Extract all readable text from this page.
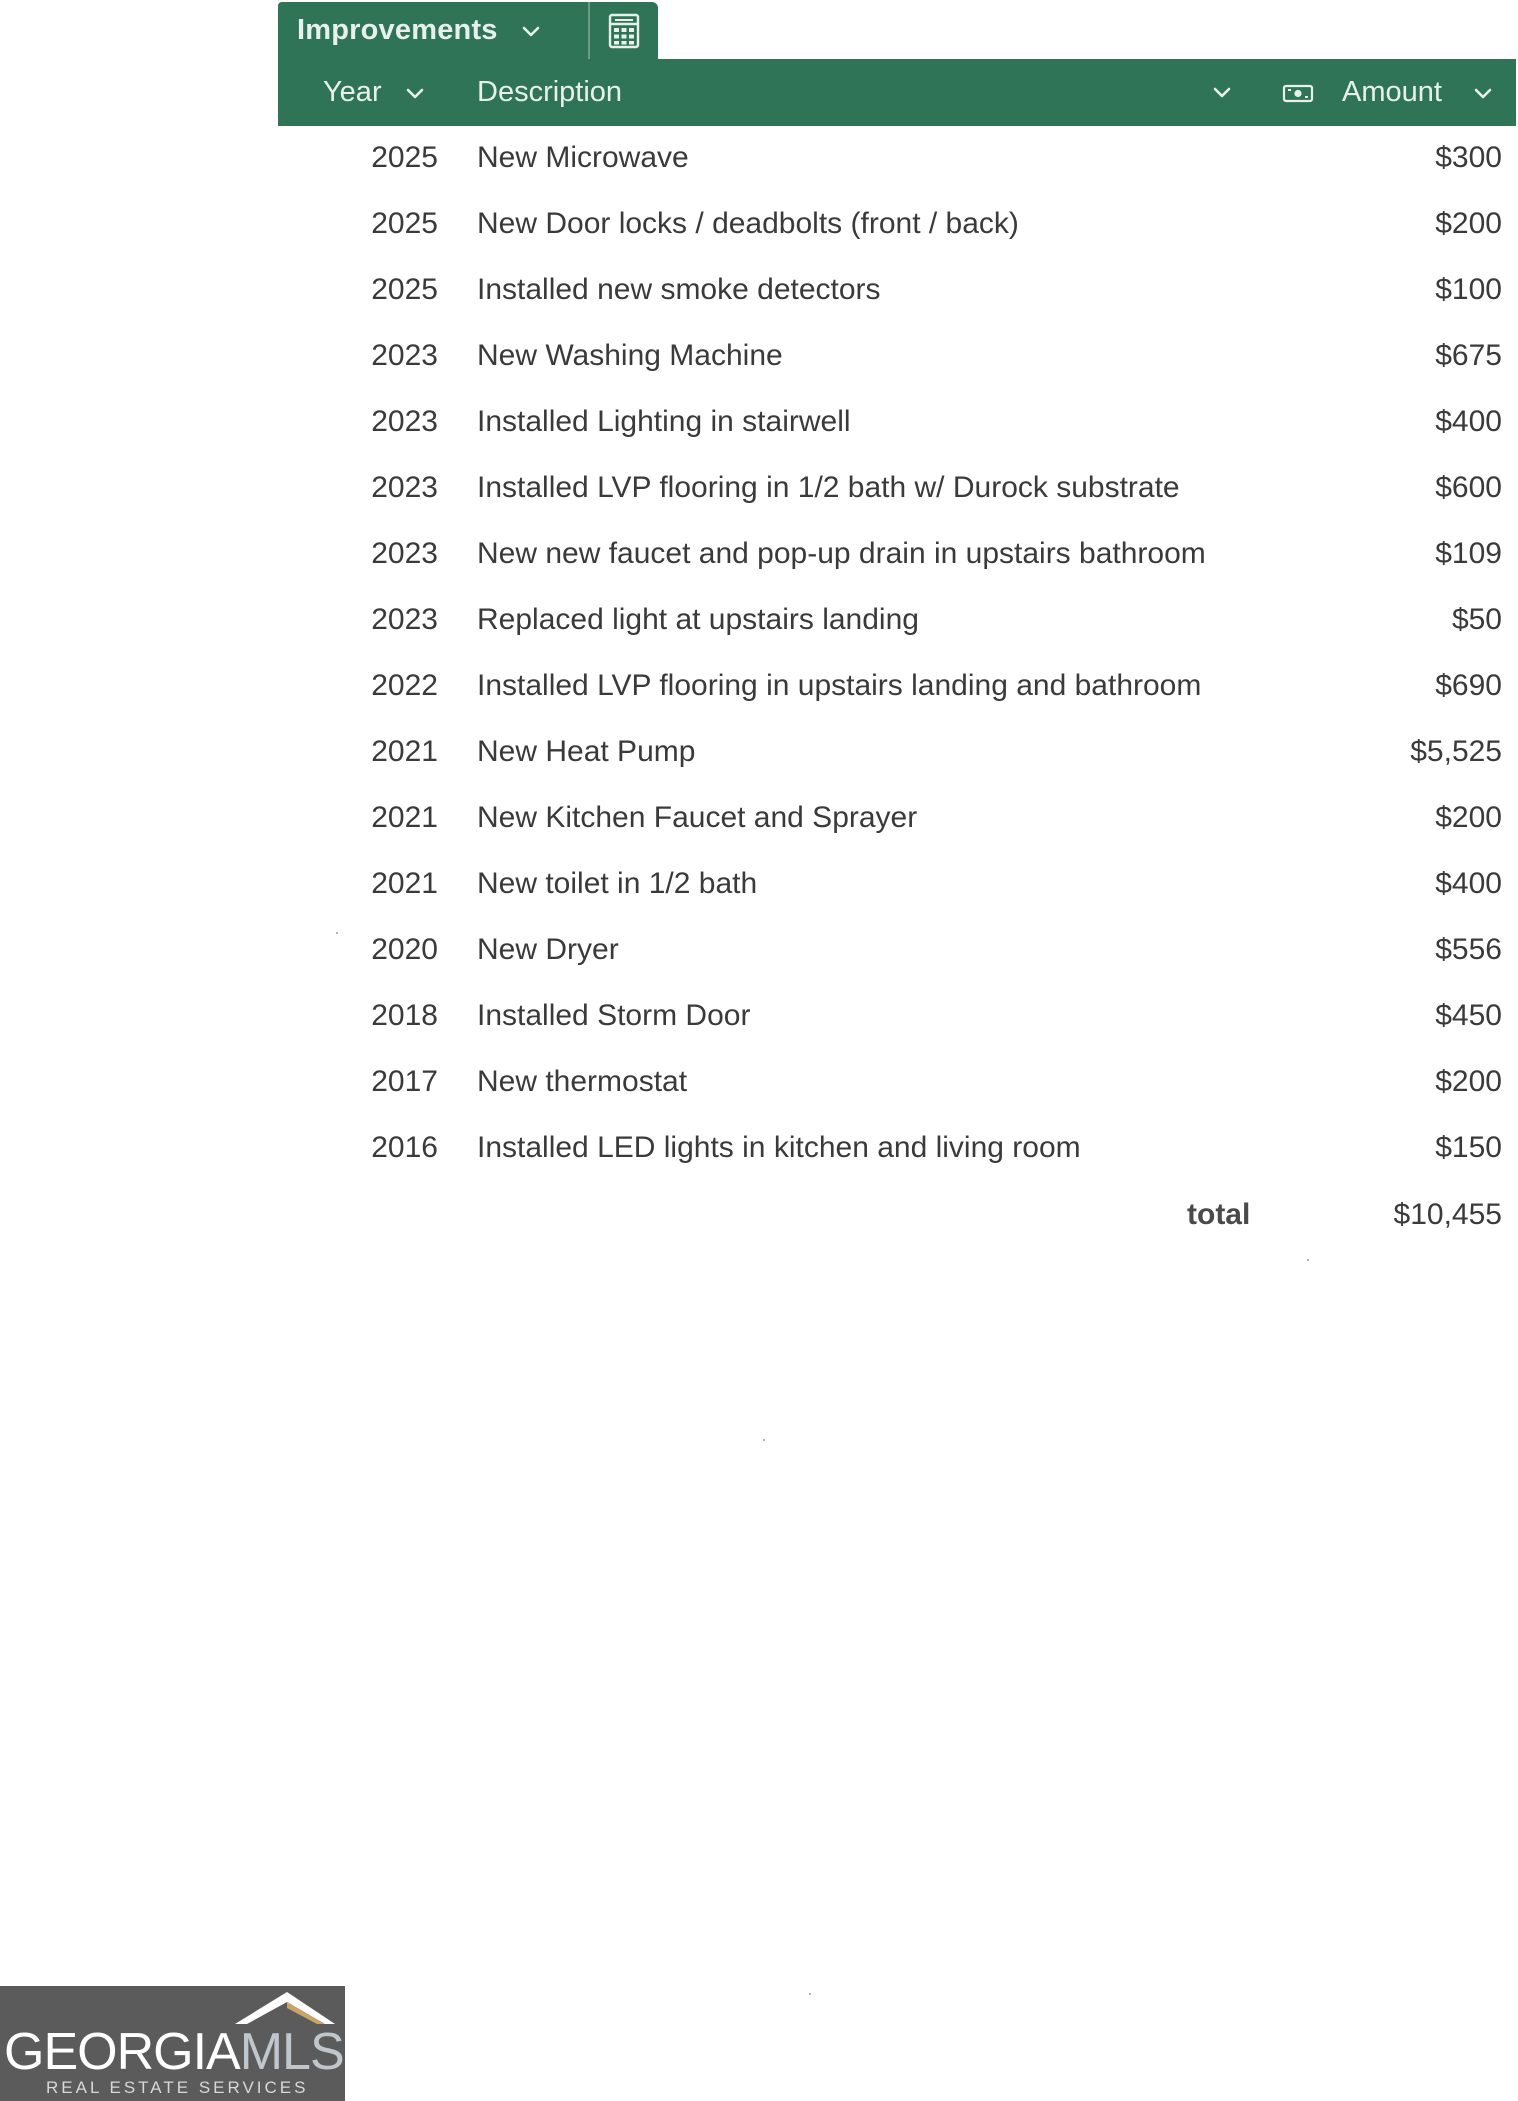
Improvements
Year	Description	Amount
2025 New Microwave	$300
2025 New Door locks / deadbolts (front / back)	$200
2025 Installed new smoke detectors	$100
2023 New Washing Machine	$675
2023 Installed Lighting in stairwell	$400
2023 Installed LVP flooring in 1/2 bath w/ Durock substrate	$600
2023 New new faucet and pop-up drain in upstairs bathroom	$109
2023 Replaced light at upstairs landing	$50
2022 Installed LVP flooring in upstairs landing and bathroom	$690
2021 New Heat Pump	$5,525
2021 New Kitchen Faucet and Sprayer	$200
2021 New toilet in 1/2 bath	$400
2020 New Dryer	$556
2018 Installed Storm Door	$450
2017 New thermostat	$200
2016 Installed LED lights in kitchen and living room	$150
total	$10,455
GEORGIAMLS
REAL ESTATE SERVICES
